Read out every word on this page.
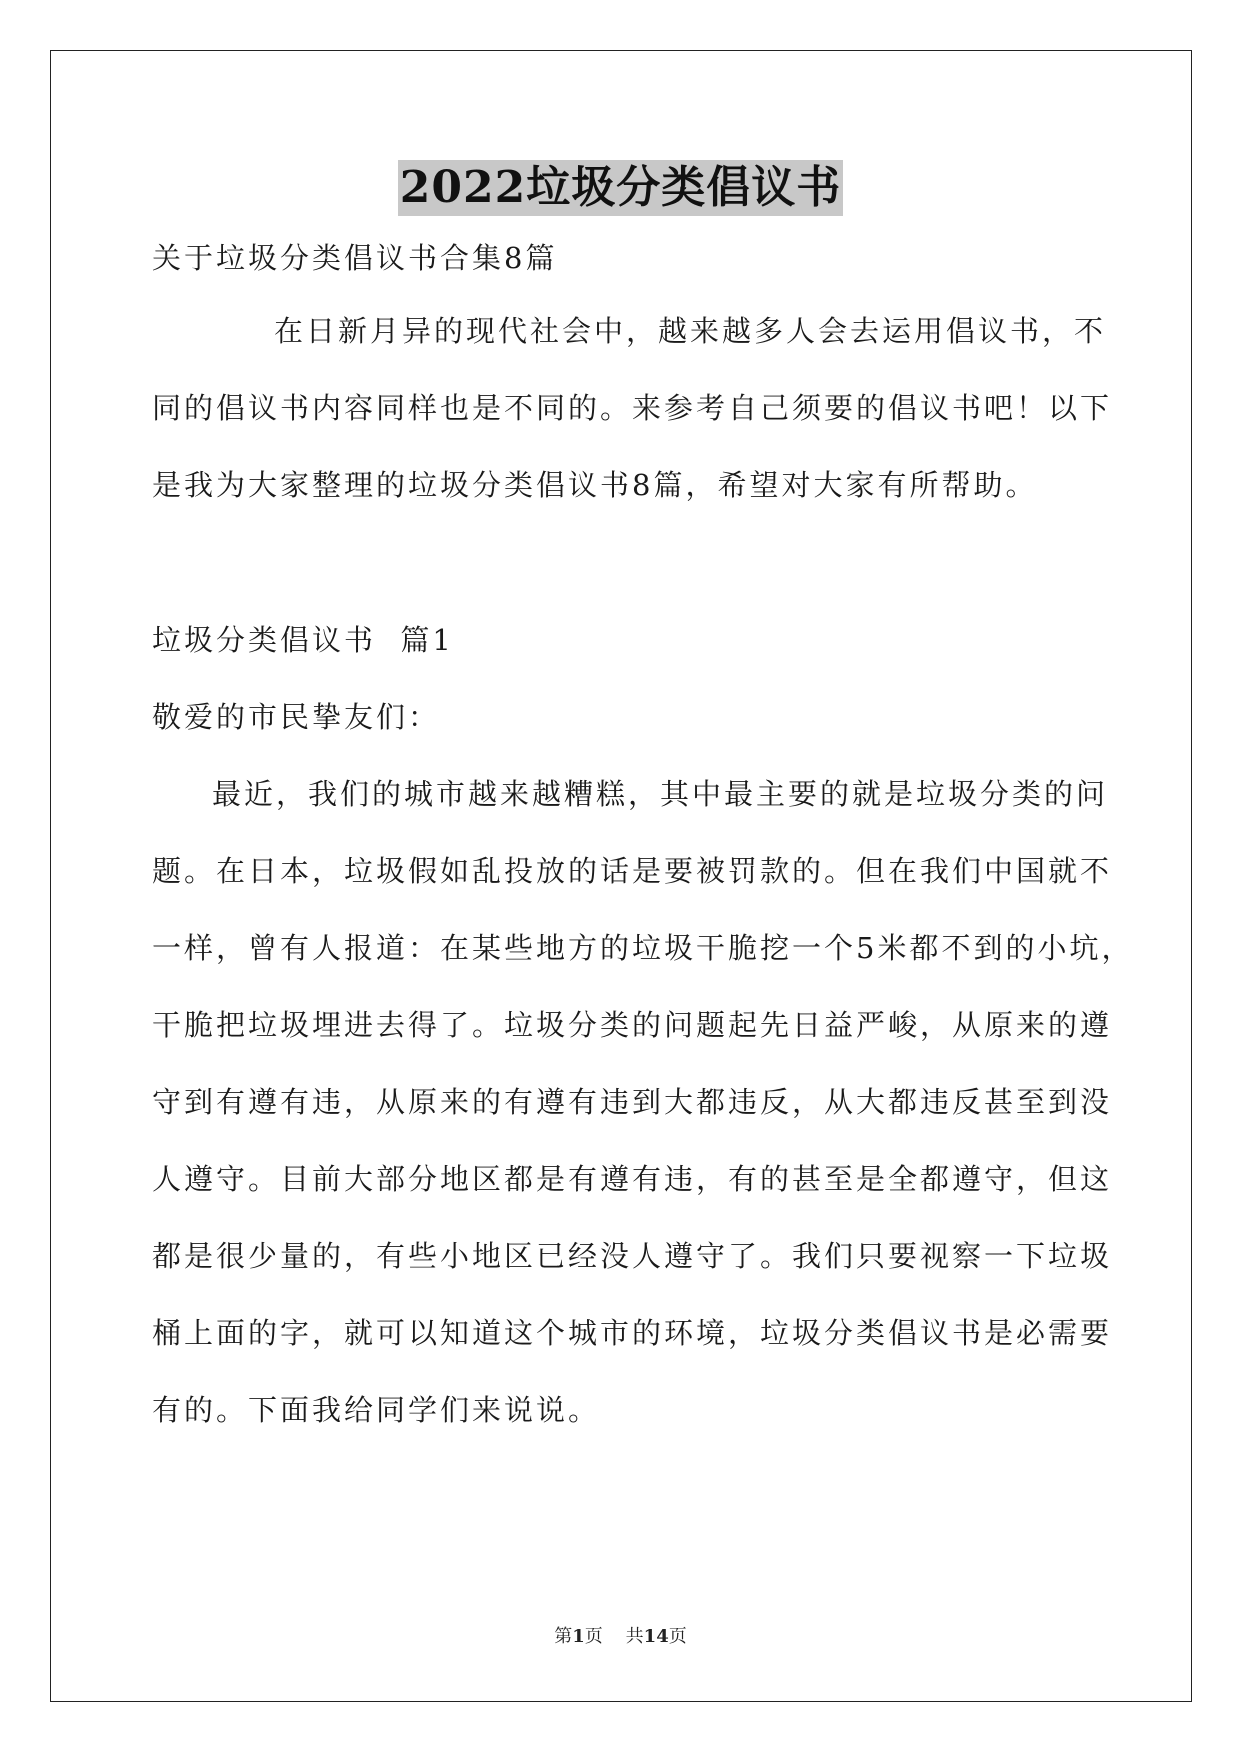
2022垃圾分类倡议书
关于垃圾分类倡议书合集8篇
在日新月异的现代社会中，越来越多人会去运用倡议书，不
同的倡议书内容同样也是不同的。来参考自己须要的倡议书吧！以下
是我为大家整理的垃圾分类倡议书8篇，希望对大家有所帮助。
垃圾分类倡议书  篇1
敬爱的市民挚友们：
最近，我们的城市越来越糟糕，其中最主要的就是垃圾分类的问
题。在日本，垃圾假如乱投放的话是要被罚款的。但在我们中国就不
一样，曾有人报道：在某些地方的垃圾干脆挖一个5米都不到的小坑，
干脆把垃圾埋进去得了。垃圾分类的问题起先日益严峻，从原来的遵
守到有遵有违，从原来的有遵有违到大都违反，从大都违反甚至到没
人遵守。目前大部分地区都是有遵有违，有的甚至是全都遵守，但这
都是很少量的，有些小地区已经没人遵守了。我们只要视察一下垃圾
桶上面的字，就可以知道这个城市的环境，垃圾分类倡议书是必需要
有的。下面我给同学们来说说。
第1页 共14页
